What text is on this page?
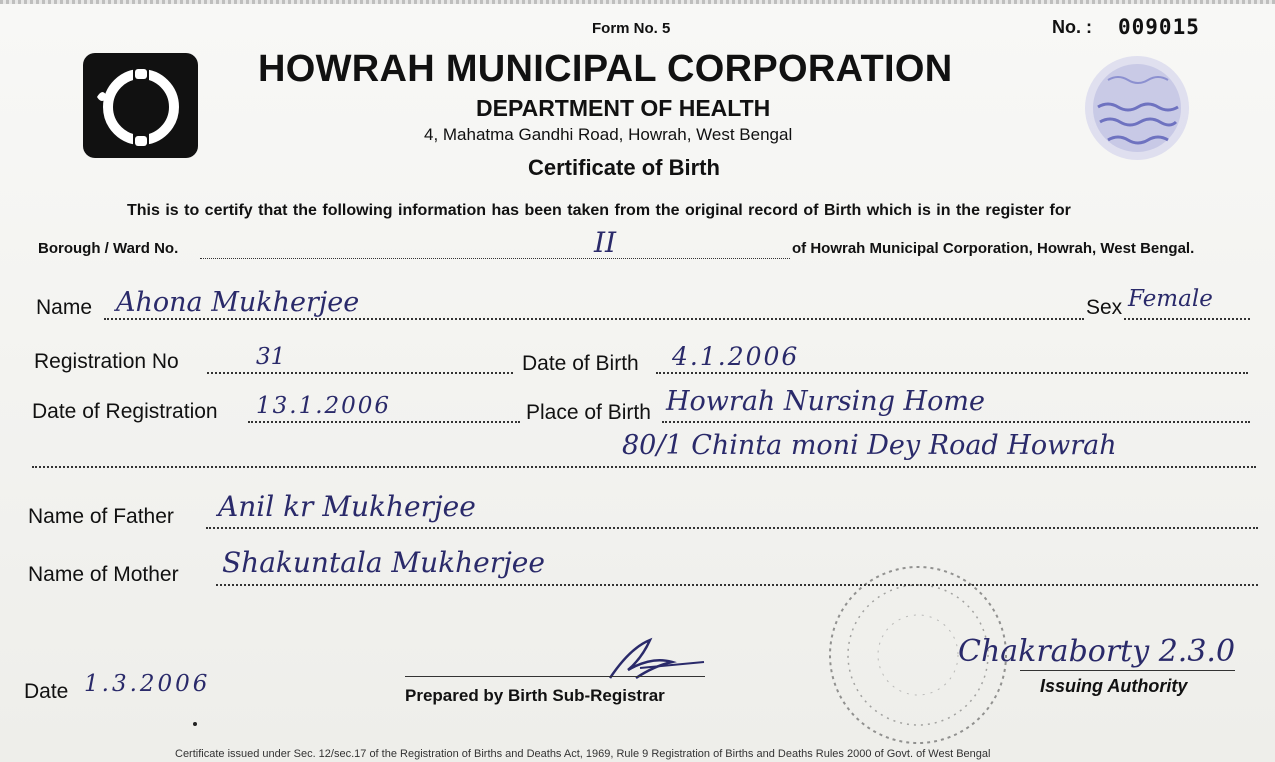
Form No. 5	No. : 009015
HOWRAH MUNICIPAL CORPORATION
DEPARTMENT OF HEALTH
4, Mahatma Gandhi Road, Howrah, West Bengal
Certificate of Birth
This is to certify that the following information has been taken from the original record of Birth which is in the register for
Borough / Ward No.	II	of Howrah Municipal Corporation, Howrah, West Bengal.
Name Ahona Mukherjee	Sex Female
Registration No	31	Date of Birth 4.1.2006
Date of Registration 13.1.2006	Place of Birth Howrah Nursing Home
80/1 Chinta moni Dey Road Howrah
Name of Father Anil kr Mukherjee
Name of Mother Shakuntala Mukherjee
Date 1.3.2006	Prepared by Birth Sub-Registrar
Chakraborty 2.3.0
Issuing Authority
Certificate issued under Sec. 12/sec.17 of the Registration of Births and Deaths Act, 1969, Rule 9 Registration of Births and Deaths Rules 2000 of Govt. of West Bengal
